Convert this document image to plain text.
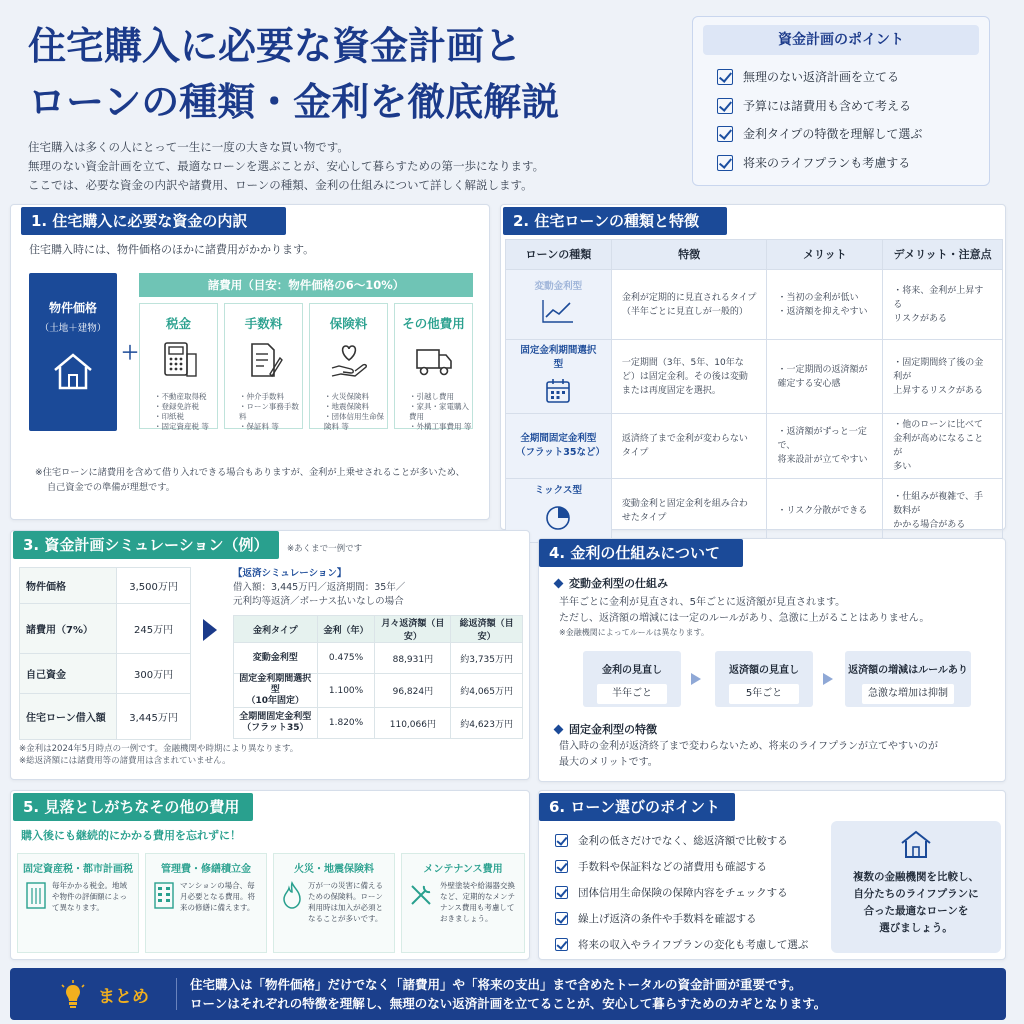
住宅購入に必要な資金計画と
ローンの種類・金利を徹底解説

住宅購入は多くの人にとって一生に一度の大きな買い物です。

無理のない資金計画を立て、最適なローンを選ぶことが、安心して暮らすための第一歩になります。

ここでは、必要な資金の内訳や諸費用、ローンの種類、金利の仕組みについて詳しく解説します。

資金計画のポイント
無理のない返済計画を立てる
予算には諸費用も含めて考える
金利タイプの特徴を理解して選ぶ
将来のライフプランも考慮する
1. 住宅購入に必要な資金の内訳
住宅購入時には、物件価格のほかに諸費用がかかります。
物件価格
（土地＋建物）
＋
諸費用（目安：物件価格の6〜10%）
税金
・ 不動産取得税
・ 登録免許税
・ 印紙税
・ 固定資産税 等
手数料
・ 仲介手数料
・ ローン事務手数料
・ 保証料 等
保険料
・ 火災保険料
・ 地震保険料
・ 団体信用生命保険料 等
その他費用
・ 引越し費用
・ 家具・家電購入費用
・ 外構工事費用 等
※住宅ローンに諸費用を含めて借り入れできる場合もありますが、金利が上乗せされることが多いため、
自己資金での準備が理想です。
2. 住宅ローンの種類と特徴
ローンの種類	特徴	メリット	デメリット・注意点

変動金利型	金利が定期的に見直されるタイプ（半年ごとに見直しが一般的）	・当初の金利が低い
・返済額を抑えやすい	・将来、金利が上昇する
リスクがある

固定金利期間選択型	一定期間（3年、5年、10年など）は固定金利。その後は変動または再度固定を選択。	・一定期間の返済額が
確定する安心感	・固定期間終了後の金利が
上昇するリスクがある
全期間固定金利型
（フラット35など）	返済終了まで金利が変わらないタイプ	・返済額がずっと一定で、
将来設計が立てやすい	・他のローンに比べて
金利が高めになることが
多い

ミックス型	変動金利と固定金利を組み合わせたタイプ	・リスク分散ができる	・仕組みが複雑で、手数料が
かかる場合がある
3. 資金計画シミュレーション（例）	※あくまで一例です
物件価格	3,500万円
諸費用（7%）	245万円
自己資金	300万円
住宅ローン借入額	3,445万円
【返済シミュレーション】
借入額：3,445万円／返済期間：35年／
元利均等返済／ボーナス払いなしの場合
金利タイプ	金利（年）	月々返済額（目安）	総返済額（目安）
変動金利型	0.475%	88,931円	約3,735万円
固定金利期間選択型
（10年固定）	1.100%	96,824円	約4,065万円
全期間固定金利型
（フラット35）	1.820%	110,066円	約4,623万円
※金利は2024年5月時点の一例です。金融機関や時期により異なります。
※総返済額には諸費用等の諸費用は含まれていません。
4. 金利の仕組みについて
変動金利型の仕組み
半年ごとに金利が見直され、5年ごとに返済額が見直されます。
ただし、返済額の増減には一定のルールがあり、急激に上がることはありません。
※金融機関によってルールは異なります。
金利の見直し
半年ごと
返済額の見直し
5年ごと
返済額の増減はルールあり
急激な増加は抑制
固定金利型の特徴
借入時の金利が返済終了まで変わらないため、将来のライフプランが立てやすいのが
最大のメリットです。
5. 見落としがちなその他の費用
購入後にも継続的にかかる費用を忘れずに！
固定資産税・都市計画税
毎年かかる税金。地域や物件の評価額によって異なります。
管理費・修繕積立金
マンションの場合、毎月必要となる費用。将来の修繕に備えます。
火災・地震保険料
万が一の災害に備えるための保険料。ローン利用時は加入が必須となることが多いです。
メンテナンス費用
外壁塗装や給湯器交換など、定期的なメンテナンス費用も考慮しておきましょう。
6. ローン選びのポイント
金利の低さだけでなく、総返済額で比較する
手数料や保証料などの諸費用も確認する
団体信用生命保険の保障内容をチェックする
繰上げ返済の条件や手数料を確認する
将来の収入やライフプランの変化も考慮して選ぶ
複数の金融機関を比較し、
自分たちのライフプランに
合った最適なローンを
選びましょう。
まとめ
住宅購入は「物件価格」だけでなく「諸費用」や「将来の支出」まで含めたトータルの資金計画が重要です。
ローンはそれぞれの特徴を理解し、無理のない返済計画を立てることが、安心して暮らすためのカギとなります。
